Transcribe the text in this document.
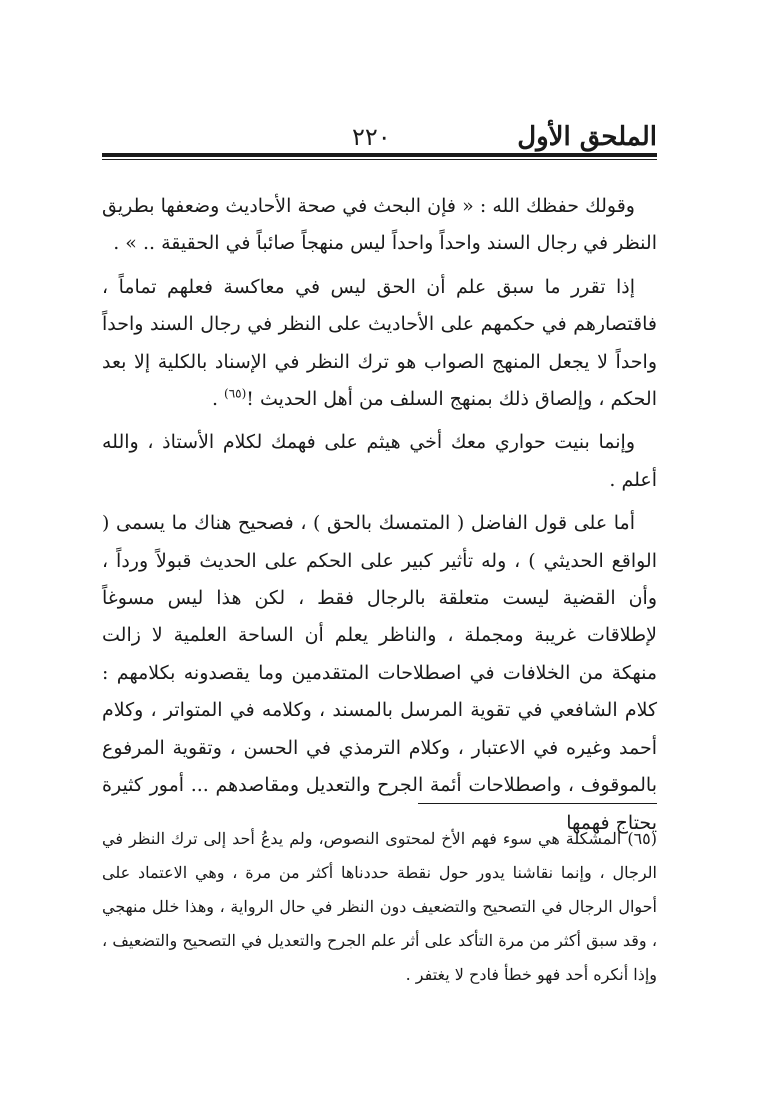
الملحق الأول
٢٢٠

وقولك حفظك الله : « فإن البحث في صحة الأحاديث وضعفها بطريق النظر في رجال السند واحداً واحداً ليس منهجاً صائباً في الحقيقة .. » .

إذا تقرر ما سبق علم أن الحق ليس في معاكسة فعلهم تماماً ، فاقتصارهم في حكمهم على الأحاديث على النظر في رجال السند واحداً واحداً لا يجعل المنهج الصواب هو ترك النظر في الإسناد بالكلية إلا بعد الحكم ، وإلصاق ذلك بمنهج السلف من أهل الحديث !$^{(٦٥)}$ .

وإنما بنيت حواري معك أخي هيثم على فهمك لكلام الأستاذ ، والله أعلم .

أما على قول الفاضل ( المتمسك بالحق ) ، فصحيح هناك ما يسمى ( الواقع الحديثي ) ، وله تأثير كبير على الحكم على الحديث قبولاً ورداً ، وأن القضية ليست متعلقة بالرجال فقط ، لكن هذا ليس مسوغاً لإطلاقات غريبة ومجملة ، والناظر يعلم أن الساحة العلمية لا زالت منهكة من الخلافات في اصطلاحات المتقدمين وما يقصدونه بكلامهم : كلام الشافعي في تقوية المرسل بالمسند ، وكلامه في المتواتر ، وكلام أحمد وغيره في الاعتبار ، وكلام الترمذي في الحسن ، وتقوية المرفوع بالموقوف ، واصطلاحات أئمة الجرح والتعديل ومقاصدهم ... أمور كثيرة يحتاج فهمها

(٦٥) المشكلة هي سوء فهم الأخ لمحتوى النصوص، ولم يدعُ أحد إلى ترك النظر في الرجال ، وإنما نقاشنا يدور حول نقطة حددناها أكثر من مرة ، وهي الاعتماد على أحوال الرجال في التصحيح والتضعيف دون النظر في حال الرواية ، وهذا خلل منهجي ، وقد سبق أكثر من مرة التأكد على أثر علم الجرح والتعديل في التصحيح والتضعيف ، وإذا أنكره أحد فهو خطأ فادح لا يغتفر .
